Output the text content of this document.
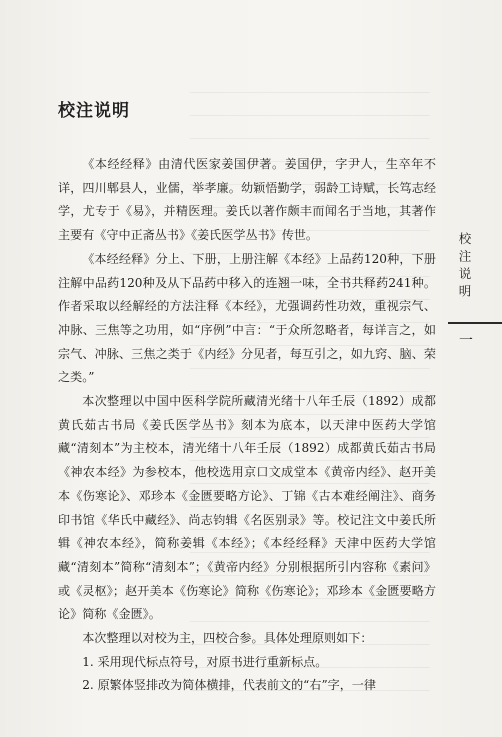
校注说明

《本经经释》由清代医家姜国伊著。姜国伊，字尹人，生卒年不详，四川郫县人，业儒，举孝廉。幼颖悟勤学，弱龄工诗赋，长笃志经学，尤专于《易》，并精医理。姜氏以著作颇丰而闻名于当地，其著作主要有《守中正斋丛书》《姜氏医学丛书》传世。

《本经经释》分上、下册，上册注解《本经》上品药120种，下册注解中品药120种及从下品药中移入的连翘一味，全书共释药241种。作者采取以经解经的方法注释《本经》，尤强调药性功效，重视宗气、冲脉、三焦等之功用，如“序例”中言：“于众所忽略者，每详言之，如宗气、冲脉、三焦之类于《内经》分见者，每互引之，如九窍、脑、荣之类。”

本次整理以中国中医科学院所藏清光绪十八年壬辰（1892）成都黄氏茹古书局《姜氏医学丛书》刻本为底本，以天津中医药大学馆藏“清刻本”为主校本，清光绪十八年壬辰（1892）成都黄氏茹古书局《神农本经》为参校本，他校选用京口文成堂本《黄帝内经》、赵开美本《伤寒论》、邓珍本《金匮要略方论》、丁锦《古本难经阐注》、商务印书馆《华氏中藏经》、尚志钧辑《名医别录》等。校记注文中姜氏所辑《神农本经》，简称姜辑《本经》；《本经经释》天津中医药大学馆藏“清刻本”简称“清刻本”；《黄帝内经》分别根据所引内容称《素问》或《灵枢》；赵开美本《伤寒论》简称《伤寒论》；邓珍本《金匮要略方论》简称《金匮》。

本次整理以对校为主，四校合参。具体处理原则如下：

1. 采用现代标点符号，对原书进行重新标点。

2. 原繁体竖排改为简体横排，代表前文的“右”字，一律

校注说明
一
